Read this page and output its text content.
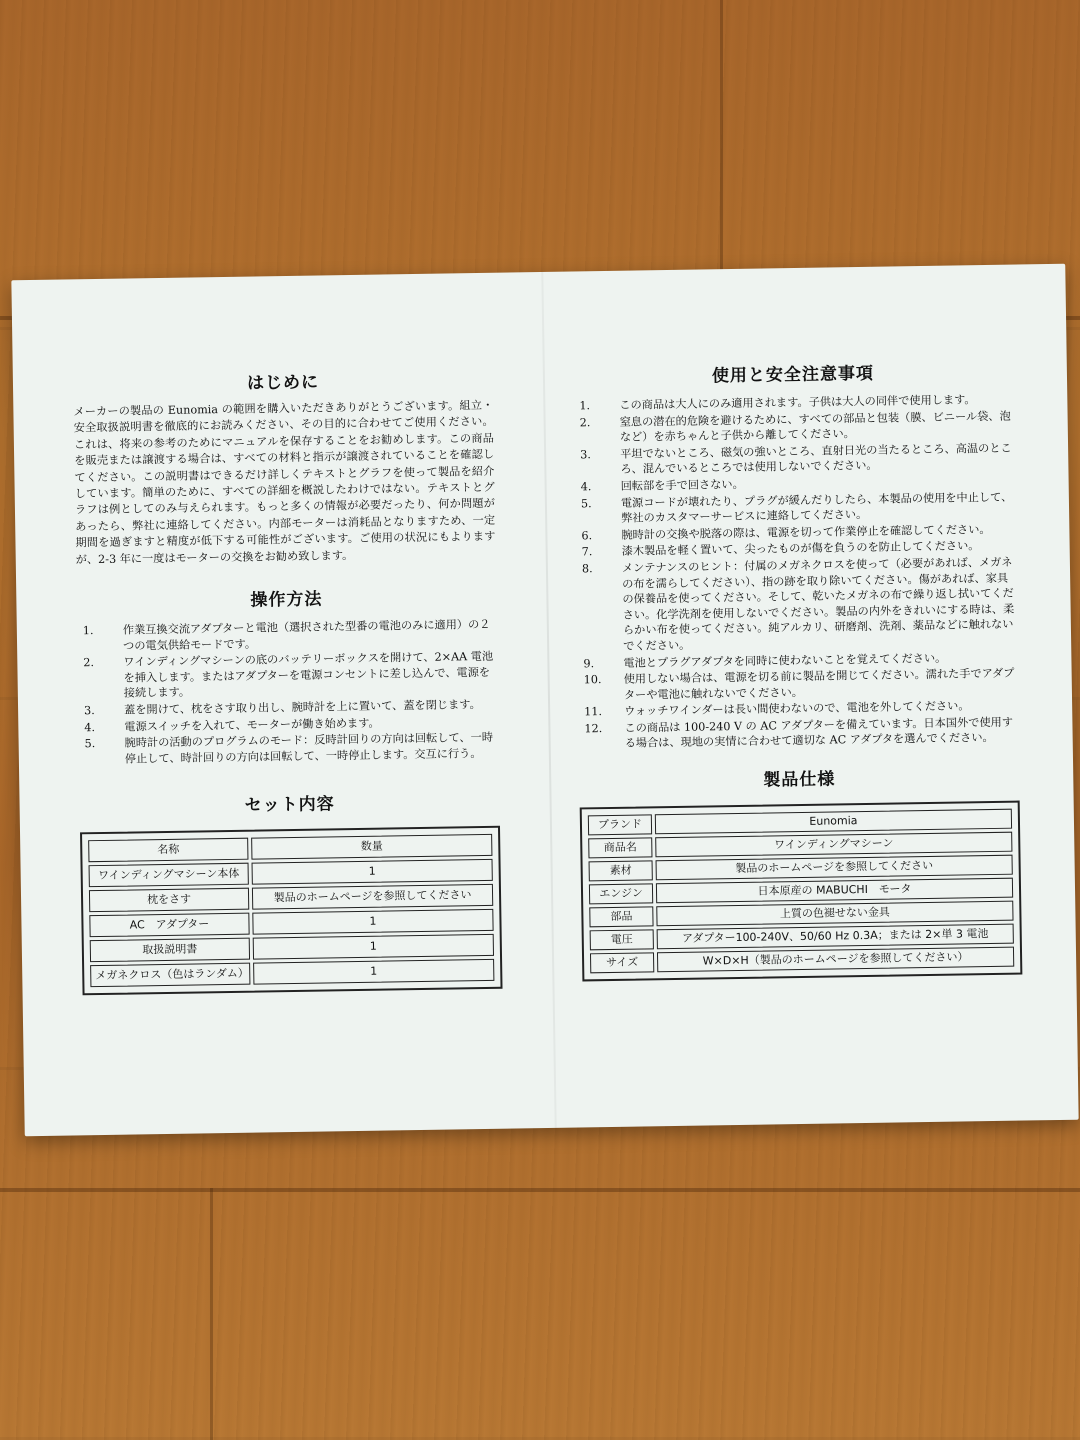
はじめに

メーカーの製品の Eunomia の範囲を購入いただきありがとうございます。組立・安全取扱説明書を徹底的にお読みください、その目的に合わせてご使用ください。これは、将来の参考のためにマニュアルを保存することをお勧めします。この商品を販売または譲渡する場合は、すべての材料と指示が譲渡されていることを確認してください。この説明書はできるだけ詳しくテキストとグラフを使って製品を紹介しています。簡単のために、すべての詳細を概説したわけではない。テキストとグラフは例としてのみ与えられます。もっと多くの情報が必要だったり、何か問題があったら、弊社に連絡してください。内部モーターは消耗品となりますため、一定期間を過ぎますと精度が低下する可能性がございます。ご使用の状況にもよりますが、2-3 年に一度はモーターの交換をお勧め致します。

操作方法
1.	作業互換交流アダプターと電池（選択された型番の電池のみに適用）の２つの電気供給モードです。
2.	ワインディングマシーンの底のバッテリーボックスを開けて、2×AA 電池を挿入します。またはアダプターを電源コンセントに差し込んで、電源を接続します。
3.	蓋を開けて、枕をさす取り出し、腕時計を上に置いて、蓋を閉じます。
4.	電源スイッチを入れて、モーターが働き始めます。
5.	腕時計の活動のプログラムのモード：反時計回りの方向は回転して、一時停止して、時計回りの方向は回転して、一時停止します。交互に行う。
セット内容
名称	数量
ワインディングマシーン本体	1
枕をさす	製品のホームページを参照してください
AC　アダプター	1
取扱説明書	1
メガネクロス（色はランダム）	1
使用と安全注意事項
1.	この商品は大人にのみ適用されます。子供は大人の同伴で使用します。
2.	窒息の潜在的危険を避けるために、すべての部品と包装（膜、ビニール袋、泡など）を赤ちゃんと子供から離してください。
3.	平坦でないところ、磁気の強いところ、直射日光の当たるところ、高温のところ、混んでいるところでは使用しないでください。
4.	回転部を手で回さない。
5.	電源コードが壊れたり、プラグが緩んだりしたら、本製品の使用を中止して、弊社のカスタマーサービスに連絡してください。
6.	腕時計の交換や脱落の際は、電源を切って作業停止を確認してください。
7.	漆木製品を軽く置いて、尖ったものが傷を負うのを防止してください。
8.	メンテナンスのヒント：付属のメガネクロスを使って（必要があれば、メガネの布を濡らしてください）、指の跡を取り除いてください。傷があれば、家具の保養品を使ってください。そして、乾いたメガネの布で繰り返し拭いてください。化学洗剤を使用しないでください。製品の内外をきれいにする時は、柔らかい布を使ってください。純アルカリ、研磨剤、洗剤、薬品などに触れないでください。
9.	電池とプラグアダプタを同時に使わないことを覚えてください。
10.	使用しない場合は、電源を切る前に製品を開じてください。濡れた手でアダプターや電池に触れないでください。
11.	ウォッチワインダーは長い間使わないので、電池を外してください。
12.	この商品は 100-240 V の AC アダプターを備えています。日本国外で使用する場合は、現地の実情に合わせて適切な AC アダプタを選んでください。
製品仕様
ブランド	Eunomia
商品名	ワインディングマシーン
素材	製品のホームページを参照してください
エンジン	日本原産の MABUCHI　モータ
部品	上質の色褪せない金具
電圧	アダプター100-240V、50/60 Hz 0.3A；または 2×単 3 電池
サイズ	W×D×H（製品のホームページを参照してください）
